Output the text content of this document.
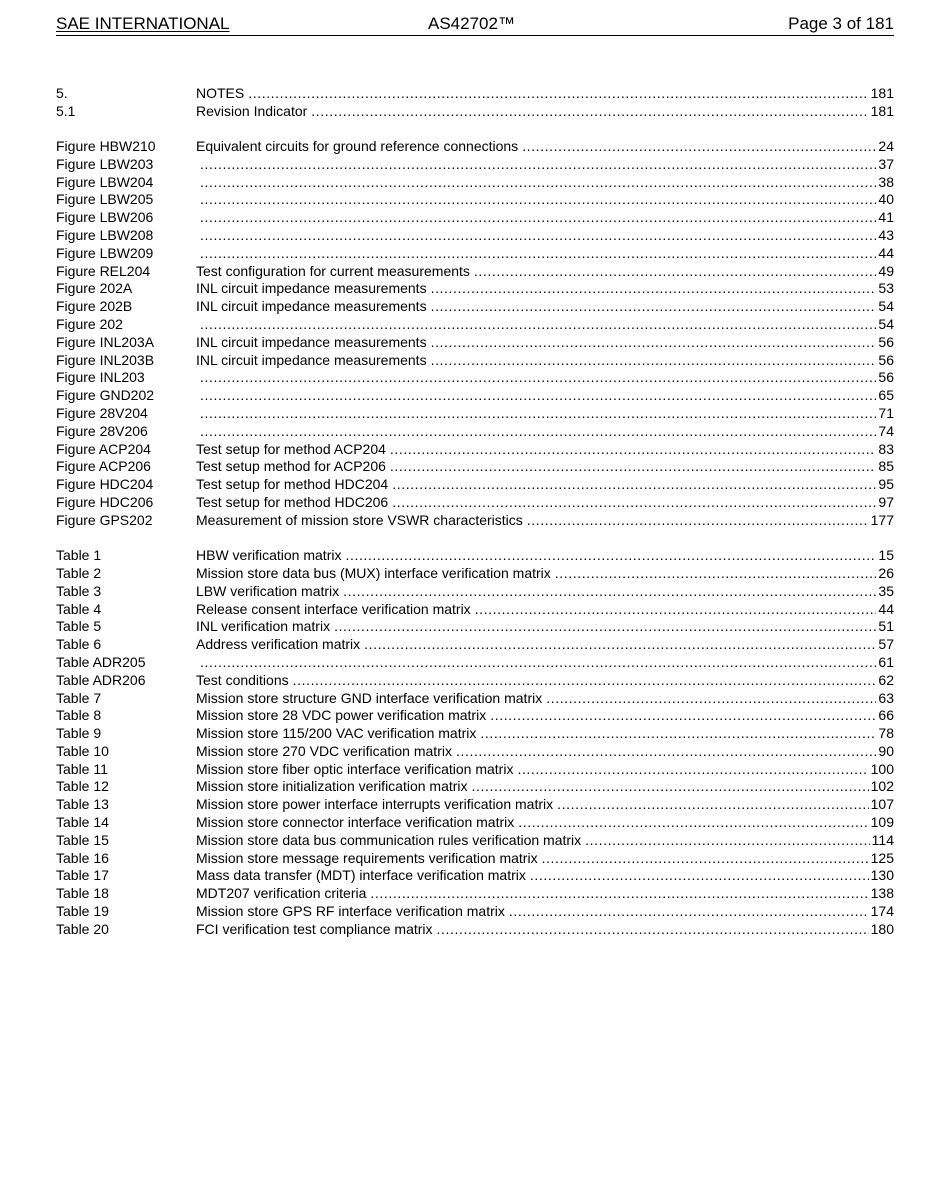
SAE INTERNATIONAL	AS42702™	Page 3 of 181
5.	NOTES .....	181
5.1	Revision Indicator .....	181
Figure HBW210	Equivalent circuits for ground reference connections .....	24
Figure LBW203 .....	37
Figure LBW204 .....	38
Figure LBW205 .....	40
Figure LBW206 .....	41
Figure LBW208 .....	43
Figure LBW209 .....	44
Figure REL204	Test configuration for current measurements .....	49
Figure 202A	INL circuit impedance measurements .....	53
Figure 202B	INL circuit impedance measurements .....	54
Figure 202 .....	54
Figure INL203A	INL circuit impedance measurements .....	56
Figure INL203B	INL circuit impedance measurements .....	56
Figure INL203 .....	56
Figure GND202 .....	65
Figure 28V204 .....	71
Figure 28V206 .....	74
Figure ACP204	Test setup for method ACP204 .....	83
Figure ACP206	Test setup method for ACP206 .....	85
Figure HDC204	Test setup for method HDC204 .....	95
Figure HDC206	Test setup for method HDC206 .....	97
Figure GPS202	Measurement of mission store VSWR characteristics .....	177
Table 1	HBW verification matrix .....	15
Table 2	Mission store data bus (MUX) interface verification matrix .....	26
Table 3	LBW verification matrix .....	35
Table 4	Release consent interface verification matrix .....	44
Table 5	INL verification matrix .....	51
Table 6	Address verification matrix .....	57
Table ADR205 .....	61
Table ADR206	Test conditions .....	62
Table 7	Mission store structure GND interface verification matrix .....	63
Table 8	Mission store 28 VDC power verification matrix .....	66
Table 9	Mission store 115/200 VAC verification matrix .....	78
Table 10	Mission store 270 VDC verification matrix .....	90
Table 11	Mission store fiber optic interface verification matrix .....	100
Table 12	Mission store initialization verification matrix .....	102
Table 13	Mission store power interface interrupts verification matrix .....	107
Table 14	Mission store connector interface verification matrix .....	109
Table 15	Mission store data bus communication rules verification matrix .....	114
Table 16	Mission store message requirements verification matrix .....	125
Table 17	Mass data transfer (MDT) interface verification matrix .....	130
Table 18	MDT207 verification criteria .....	138
Table 19	Mission store GPS RF interface verification matrix .....	174
Table 20	FCI verification test compliance matrix .....	180
